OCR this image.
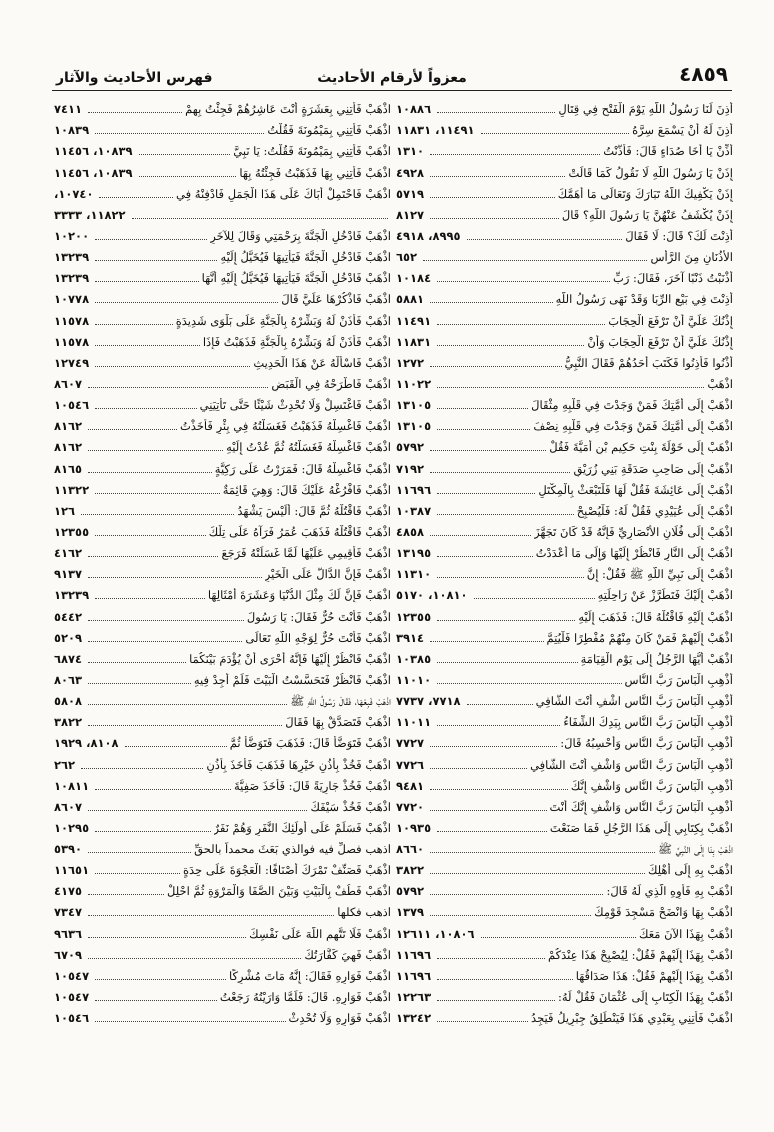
٤٨٥٩
معزواً لأرقام الأحاديث
فهرس الأحاديث والآثار
١٠٨٨٦	أَذِنَ لَنَا رَسُولُ اللَّهِ يَوْمَ الْفَتْحِ فِي قِتَالِ
١١٤٩١، ١١٨٣١	أَذِنَ لَهُ أَنْ يَسْمَعَ سِرَّهُ
١٣١٠	أَذِّنْ يَا أَخَا صُدَاءٍ قَالَ: فَأَذَّنْتُ
٤٩٢٨	إِذَنْ يَا رَسُولَ اللَّهِ لَا نَقُولُ كَمَا قَالَتْ
٥٧١٩	إِذَنْ يَكْفِيكَ اللَّهُ تَبَارَكَ وَتَعَالَى مَا أَهَمَّكَ
٨١٢٧	إِذَنْ يُكْشَفُ عَنْهُنَّ يَا رَسُولَ اللَّهِ؟ قَالَ
٨٩٩٥، ٤٩١٨	أَذِنْتَ لَكَ؟ قَالَ: لَا فَقَالَ
٦٥٢	الأُذُنَانِ مِنَ الرَّأْسِ
١٠١٨٤	أَذْنَبْتُ ذَنْبًا آخَرَ، فَقَالَ: رَبِّ
٥٨٨١	أَذِنْتَ فِي بَيْعِ الرِّبَا وَقَدْ نَهَى رَسُولُ اللَّهِ
١١٤٩١	إِذْنُكَ عَلَيَّ أَنْ تَرْفَعَ الْحِجَابَ
١١٨٣١	إِذْنُكَ عَلَيَّ أَنْ تَرْفَعَ الْحِجَابَ وَأَنْ
١٢٧٢	أُذْنُوا فَأَذِنُوا فَكَتَبَ أَحَدُهُمْ فَقَالَ النَّبِيُّ
١١٠٢٢	اذْهَبْ
١٣١٠٥	اذْهَبْ إِلَى أُمَّتِكَ فَمَنْ وَجَدْتَ فِي قَلْبِهِ مِثْقَالَ
١٣١٠٥	اذْهَبْ إِلَى أُمَّتِكَ فَمَنْ وَجَدْتَ فِي قَلْبِهِ نِصْفَ
٥٧٩٢	اذْهَبْ إِلَى خَوْلَةَ بِنْتِ حَكِيمِ بْنِ أُمَيَّةَ فَقُلْ
٧١٩٢	اذْهَبْ إِلَى صَاحِبِ صَدَقَةِ بَنِي زُرَيْقٍ
١١٦٩٦	اذْهَبْ إِلَى عَائِشَةَ فَقُلْ لَهَا فَلْتَبْعَثْ بِالْمِكْتَلِ
١٠٣٨٧	اذْهَبْ إِلَى عُيَيْدِي فَقُلْ لَهُ: فَلْيُصْبِحْ
٤٨٥٨	اذْهَبْ إِلَى فُلَانٍ الأَنْصَارِيِّ فَإِنَّهُ قَدْ كَانَ تَجَهَّزَ
١٣١٩٥	اذْهَبْ إِلَى النَّارِ فَانْظُرْ إِلَيْهَا وَإِلَى مَا أَعْدَدْتُ
١١٣١٠	اذْهَبْ إِلَى نَبِيِّ اللَّهِ ﷺ فَقُلْ: إِنَّ
١٠٨١٠، ٥١٧٠	اذْهَبْ إِلَيْكَ فَتَطَرَّزْ عَنْ رَاحِلَتِهِ
١٢٣٥٥	اذْهَبْ إِلَيْهِ فَاقْتُلْهُ قَالَ: فَذَهَبَ إِلَيْهِ
٣٩١٤	اذْهَبْ إِلَيْهِمْ فَمَنْ كَانَ مِنْهُمْ مُفْطِرًا فَلْيُتِمَّ
١٠٣٨٥	اذْهَبْ أَيُّهَا الرَّجُلُ إِلَى يَوْمِ الْقِيَامَةِ
١١٠١٠	أَذْهِبِ الْبَاسَ رَبَّ النَّاسِ
٧٧١٨، ٧٧٣٧	أَذْهِبِ الْبَاسَ رَبَّ النَّاسِ اشْفِ أَنْتَ الشَّافِي
١١٠١١	أَذْهِبِ الْبَاسَ رَبَّ النَّاسِ بِيَدِكَ الشِّفَاءُ
٧٧٢٧	أَذْهِبِ الْبَاسَ رَبَّ النَّاسِ وَأَحْسِبُهُ قَالَ:
٧٧٢٦	أَذْهِبِ الْبَاسَ رَبَّ النَّاسِ وَاشْفِ أَنْتَ الشَّافِي
٩٤٨١	أَذْهِبِ الْبَاسَ رَبَّ النَّاسِ وَاشْفِ إِنَّكَ
٧٧٢٠	أَذْهِبِ الْبَاسَ رَبَّ النَّاسِ وَاشْفِ إِنَّكَ أَنْتَ
١٠٩٣٥	اذْهَبْ بِكِتَابِي إِلَى هَذَا الرَّجُلِ فَمَا صَنَعْتَ
٨٦٦٠	اذْهَبْ بِنَا إِلَى النَّبِيِّ ﷺ
٣٨٢٢	اذْهَبْ بِهِ إِلَى أَهْلِكَ
٥٧٩٢	اذْهَبْ بِهِ فَأْوِهِ الَّذِي لَهُ قَالَ:
١٣٧٩	اذْهَبْ بِهَا وَانْضَحْ مَسْجِدَ قَوْمِكَ
١٠٨٠٦، ١٢٦١١	اذْهَبْ بِهَذَا الآنَ مَعَكَ
١١٦٩٦	اذْهَبْ بِهَذَا إِلَيْهِمْ فَقُلْ: لِيُصْبِحْ هَذَا عِنْدَكُمْ
١١٦٩٦	اذْهَبْ بِهَذَا إِلَيْهِمْ فَقُلْ: هَذَا صَدَاقُهَا
١٢٢٦٣	اذْهَبْ بِهَذَا الْكِتَابِ إِلَى عُثْمَانَ فَقُلْ لَهُ:
١٣٢٤٢	اذْهَبْ فَأْتِنِي بِعَبْدِي هَذَا فَيَنْطَلِقُ جِبْرِيلُ فَيَجِدُ
٧٤١١	اذْهَبْ فَأْتِنِي بِعَشَرَةٍ أَنْتَ عَاشِرُهُمْ فَجِئْتُ بِهِمْ
١٠٨٣٩	اذْهَبْ فَأْتِنِي بِمَيْمُونَةَ فَقُلْتُ
١٠٨٣٩، ١١٤٥٦	اذْهَبْ فَأْتِنِي بِمَيْمُونَةَ فَقُلْتُ: يَا نَبِيَّ
١٠٨٣٩، ١١٤٥٦	اذْهَبْ فَأْتِنِي بِهَا فَذَهَبْتُ فَجِئْتُهُ بِهَا
١٠٧٤٠،	اذْهَبْ فَاحْتَمِلْ أَبَاكَ عَلَى هَذَا الْجَمَلِ فَادْفِنْهُ فِي
١١٨٢٢، ٣٣٣٣
١٠٢٠٠	اذْهَبْ فَادْخُلِ الْجَنَّةَ بِرَحْمَتِي وَقَالَ لِلآخَرِ
١٣٢٣٩	اذْهَبْ فَادْخُلِ الْجَنَّةَ فَيَأْتِيهَا فَيُخَيَّلُ إِلَيْهِ
١٣٢٣٩	اذْهَبْ فَادْخُلِ الْجَنَّةَ فَيَأْتِيهَا فَيُخَيَّلُ إِلَيْهِ أَنَّهَا
١٠٧٧٨	اذْهَبْ فَاذْكُرْهَا عَلَيَّ قَالَ
١١٥٧٨	اذْهَبْ فَأْذَنْ لَهُ وَبَشِّرْهُ بِالْجَنَّةِ عَلَى بَلْوَى شَدِيدَةٍ
١١٥٧٨	اذْهَبْ فَأْذَنْ لَهُ وَبَشِّرْهُ بِالْجَنَّةِ فَذَهَبْتُ فَإِذَا
١٢٧٤٩	اذْهَبْ فَاسْأَلْهُ عَنْ هَذَا الْحَدِيثِ
٨٦٠٧	اذْهَبْ فَاطْرَحْهُ فِي الْقَبَضِ
١٠٥٤٦	اذْهَبْ فَاغْتَسِلْ وَلَا تُحْدِثْ شَيْئًا حَتَّى تَأْتِيَنِي
٨١٦٢	اذْهَبْ فَاغْسِلْهُ فَذَهَبْتُ فَغَسَلْتُهُ فِي بِئْرٍ فَأَخَذْتُ
٨١٦٢	اذْهَبْ فَاغْسِلْهُ فَغَسَلْتُهُ ثُمَّ عُدْتُ إِلَيْهِ
٨١٦٥	اذْهَبْ فَاغْسِلْهُ قَالَ: فَمَرَرْتُ عَلَى رَكِيَّةٍ
١١٣٢٢	اذْهَبْ فَافْرُغْهُ عَلَيْكَ قَالَ: وَهِيَ قَائِمَةٌ
١٢٦	اذْهَبْ فَاقْتُلْهُ ثُمَّ قَالَ: أَلَيْسَ يَشْهَدُ
١٢٣٥٥	اذْهَبْ فَاقْتُلْهُ فَذَهَبَ عُمَرُ فَرَآهُ عَلَى تِلْكَ
٤١٦٢	اذْهَبْ فَأَقِيمِي عَلَيْهَا لَمَّا غَسَلَتْهُ فَرَجَعَ
٩١٣٧	اذْهَبْ فَإِنَّ الدَّالَّ عَلَى الْخَيْرِ
١٣٢٣٩	اذْهَبْ فَإِنَّ لَكَ مِثْلَ الدُّنْيَا وَعَشَرَةَ أَمْثَالِهَا
٥٤٤٢	اذْهَبْ فَأَنْتَ حُرٌّ فَقَالَ: يَا رَسُولَ
٥٢٠٩	اذْهَبْ فَأَنْتَ حُرٌّ لِوَجْهِ اللَّهِ تَعَالَى
٦٨٧٤	اذْهَبْ فَانْظُرْ إِلَيْهَا فَإِنَّهُ أَحْرَى أَنْ يُؤْدَمَ بَيْنَكُمَا
٨٠٦٣	اذْهَبْ فَانْظُرْ فَتَحَسَّسْتُ الْبَيْتَ فَلَمْ أَجِدْ فِيهِ
٥٨٠٨	اذْهَبْ فَبِعْهَا، فَقَالَ رَسُولُ اللَّهِ ﷺ
٣٨٢٢	اذْهَبْ فَتَصَدَّقْ بِهَا فَقَالَ
٨١٠٨، ١٩٢٩	اذْهَبْ فَتَوَضَّأْ قَالَ: فَذَهَبَ فَتَوَضَّأَ ثُمَّ
٢٦٢	اذْهَبْ فَخُذْ بِأُذُنِ خَيْرِهَا فَذَهَبَ فَأَخَذَ بِأُذُنِ
١٠٨١١	اذْهَبْ فَخُذْ جَارِيَةً قَالَ: فَأَخَذَ صَفِيَّةَ
٨٦٠٧	اذْهَبْ فَخُذْ سَيْفَكَ
١٠٢٩٥	اذْهَبْ فَسَلِّمْ عَلَى أُولَئِكَ النَّفَرِ وَهُمْ نَفَرٌ
٥٣٩٠	اذهب فصلِّ فيه فوالذي بَعَثَ محمداً بالحقِّ
١١٦٥١	اذْهَبْ فَصَنِّفْ تَمْرَكَ أَصْنَافًا: الْعَجْوَةَ عَلَى حِدَةٍ
٤١٧٥	اذْهَبْ فَطُفْ بِالْبَيْتِ وَبَيْنَ الصَّفَا وَالْمَرْوَةِ ثُمَّ احْلِلْ
٧٣٤٧	اذهب فكلها
٩٦٣٦	اذْهَبْ فَلَا تَتَّهِمِ اللَّهَ عَلَى نَفْسِكَ
٦٧٠٩	اذْهَبْ فَهِيَ كَفَّارَتُكَ
١٠٥٤٧	اذْهَبْ فَوَارِهِ فَقَالَ: إِنَّهُ مَاتَ مُشْرِكًا
١٠٥٤٧	اذْهَبْ فَوَارِهِ. قَالَ: فَلَمَّا وَارَيْتُهُ رَجَعْتُ
١٠٥٤٦	اذْهَبْ فَوَارِهِ وَلَا تُحْدِثْ
